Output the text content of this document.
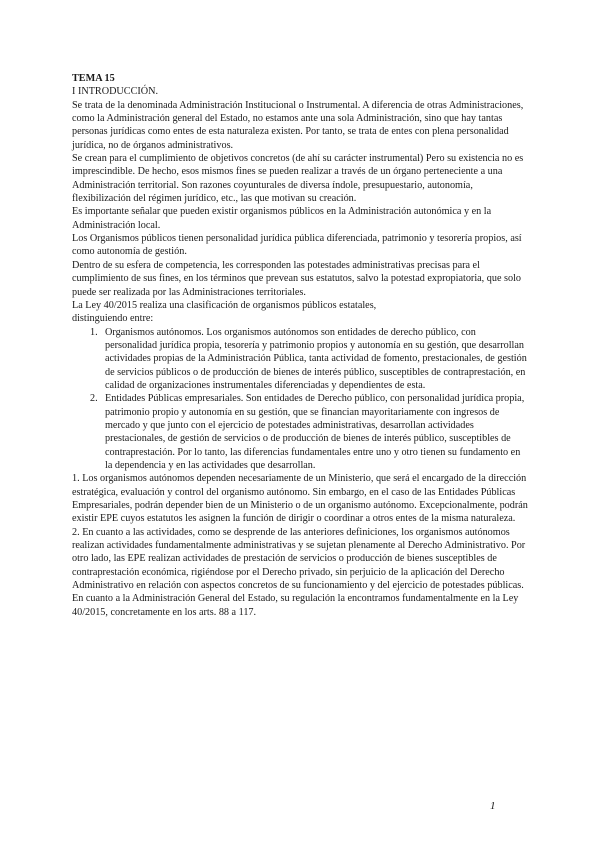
TEMA 15

I INTRODUCCIÓN.

Se trata de la denominada Administración Institucional o Instrumental. A diferencia de otras Administraciones, como la Administración general del Estado, no estamos ante una sola Administración, sino que hay tantas personas jurídicas como entes de esta naturaleza existen. Por tanto, se trata de entes con plena personalidad jurídica, no de órganos administrativos.

Se crean para el cumplimiento de objetivos concretos (de ahí su carácter instrumental) Pero su existencia no es imprescindible. De hecho, esos mismos fines se pueden realizar a través de un órgano perteneciente a una Administración territorial. Son razones coyunturales de diversa índole, presupuestario, autonomía, flexibilización del régimen jurídico, etc., las que motivan su creación.

Es importante señalar que pueden existir organismos públicos en la Administración autonómica y en la Administración local.

Los Organismos públicos tienen personalidad jurídica pública diferenciada, patrimonio y tesorería propios, así como autonomía de gestión.

Dentro de su esfera de competencia, les corresponden las potestades administrativas precisas para el cumplimiento de sus fines, en los términos que prevean sus estatutos, salvo la potestad expropiatoria, que solo puede ser realizada por las Administraciones territoriales.

La Ley 40/2015 realiza una clasificación de organismos públicos estatales,

distinguiendo entre:

1. Organismos autónomos. Los organismos autónomos son entidades de derecho público, con personalidad jurídica propia, tesorería y patrimonio propios y autonomía en su gestión, que desarrollan actividades propias de la Administración Pública, tanta actividad de fomento, prestacionales, de gestión de servicios públicos o de producción de bienes de interés público, susceptibles de contraprestación, en calidad de organizaciones instrumentales diferenciadas y dependientes de esta.
2. Entidades Públicas empresariales. Son entidades de Derecho público, con personalidad jurídica propia, patrimonio propio y autonomía en su gestión, que se financian mayoritariamente con ingresos de mercado y que junto con el ejercicio de potestades administrativas, desarrollan actividades prestacionales, de gestión de servicios o de producción de bienes de interés público, susceptibles de contraprestación. Por lo tanto, las diferencias fundamentales entre uno y otro tienen su fundamento en la dependencia y en las actividades que desarrollan.

1. Los organismos autónomos dependen necesariamente de un Ministerio, que será el encargado de la dirección estratégica, evaluación y control del organismo autónomo. Sin embargo, en el caso de las Entidades Públicas Empresariales, podrán depender bien de un Ministerio o de un organismo autónomo. Excepcionalmente, podrán existir EPE cuyos estatutos les asignen la función de dirigir o coordinar a otros entes de la misma naturaleza.

2. En cuanto a las actividades, como se desprende de las anteriores definiciones, los organismos autónomos realizan actividades fundamentalmente administrativas y se sujetan plenamente al Derecho Administrativo. Por otro lado, las EPE realizan actividades de prestación de servicios o producción de bienes susceptibles de contraprestación económica, rigiéndose por el Derecho privado, sin perjuicio de la aplicación del Derecho Administrativo en relación con aspectos concretos de su funcionamiento y del ejercicio de potestades públicas. En cuanto a la Administración General del Estado, su regulación la encontramos fundamentalmente en la Ley 40/2015, concretamente en los arts. 88 a 117.

1
